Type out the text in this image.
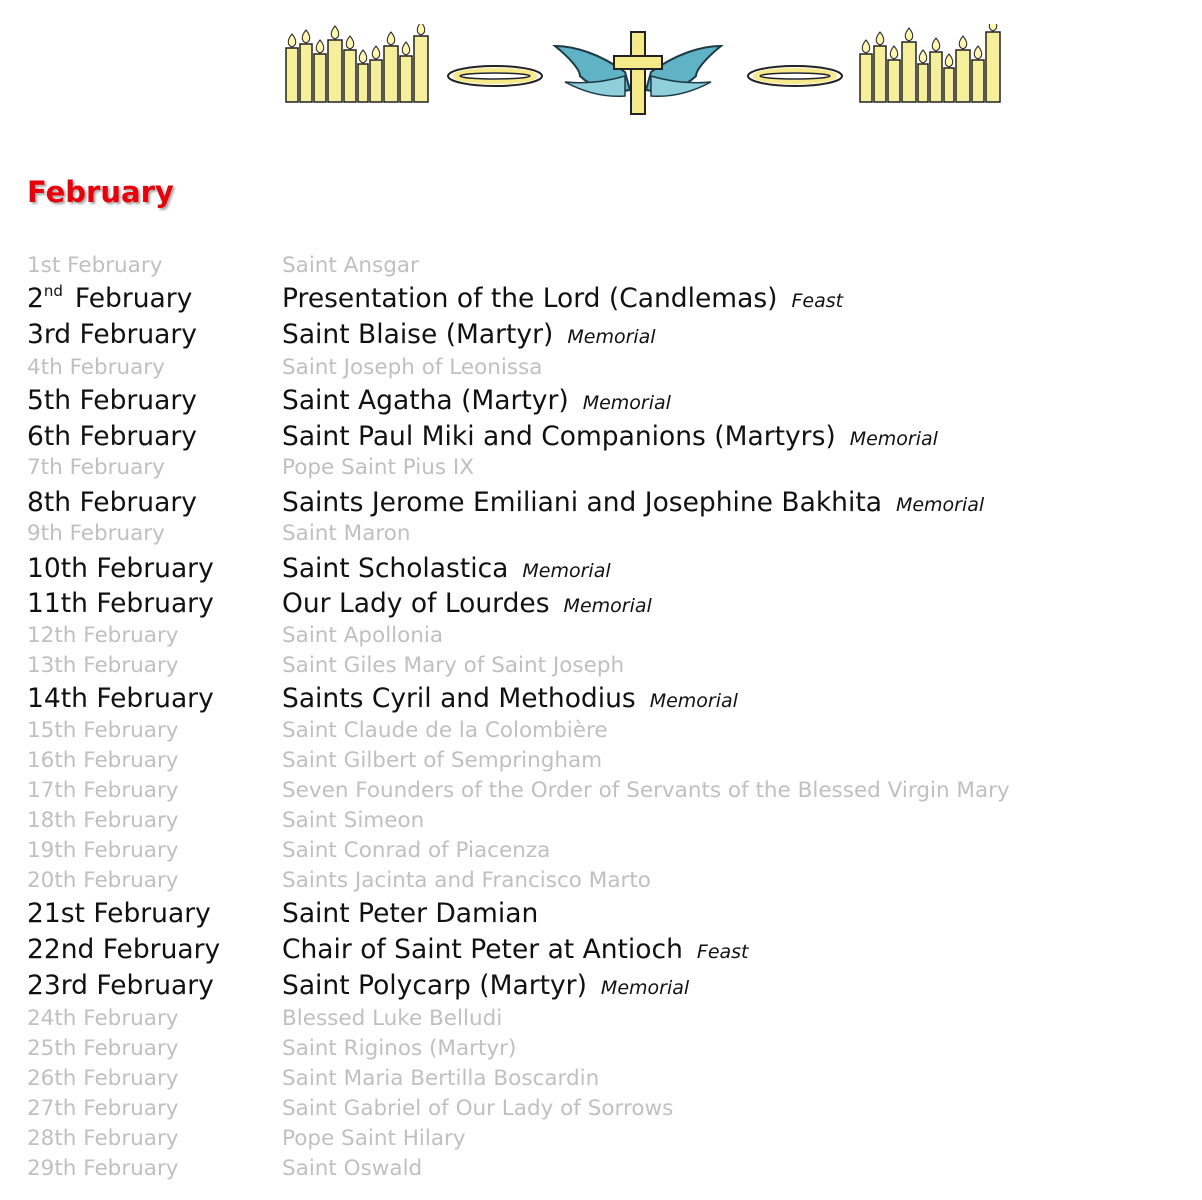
February
1st February	Saint Ansgar
2nd February	Presentation of the Lord (Candlemas) Feast
3rd February	Saint Blaise (Martyr) Memorial
4th February	Saint Joseph of Leonissa
5th February	Saint Agatha (Martyr) Memorial
6th February	Saint Paul Miki and Companions (Martyrs) Memorial
7th February	Pope Saint Pius IX
8th February	Saints Jerome Emiliani and Josephine Bakhita Memorial
9th February	Saint Maron
10th February	Saint Scholastica Memorial
11th February	Our Lady of Lourdes Memorial
12th February	Saint Apollonia
13th February	Saint Giles Mary of Saint Joseph
14th February	Saints Cyril and Methodius Memorial
15th February	Saint Claude de la Colombière
16th February	Saint Gilbert of Sempringham
17th February	Seven Founders of the Order of Servants of the Blessed Virgin Mary
18th February	Saint Simeon
19th February	Saint Conrad of Piacenza
20th February	Saints Jacinta and Francisco Marto
21st February	Saint Peter Damian
22nd February Chair of Saint Peter at Antioch Feast
23rd February	Saint Polycarp (Martyr) Memorial
24th February	Blessed Luke Belludi
25th February	Saint Riginos (Martyr)
26th February	Saint Maria Bertilla Boscardin
27th February	Saint Gabriel of Our Lady of Sorrows
28th February	Pope Saint Hilary
29th February	Saint Oswald
